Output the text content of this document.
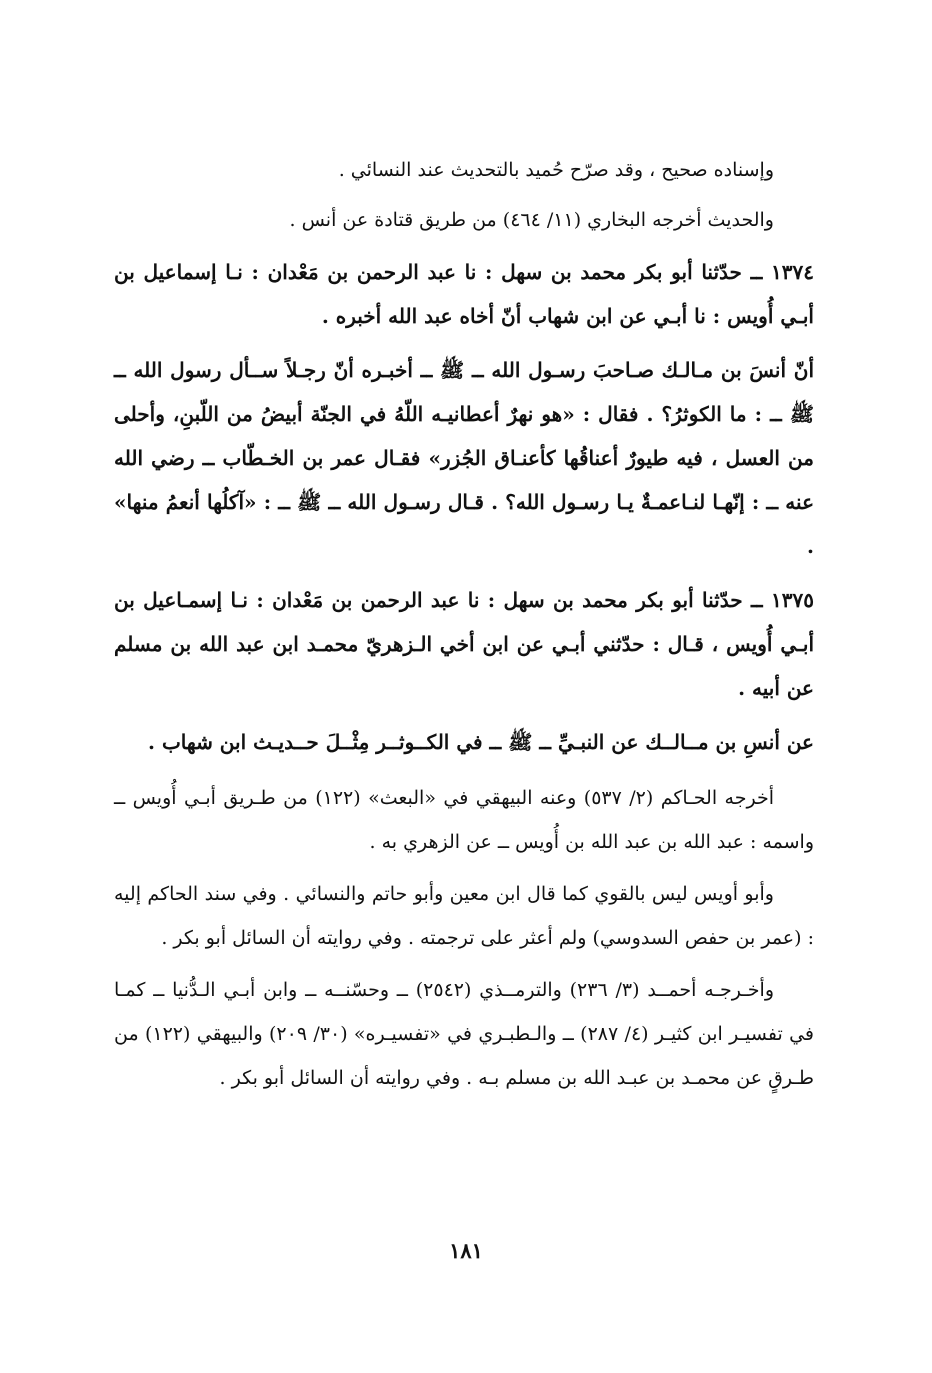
وإسناده صحيح ، وقد صرّح حُميد بالتحديث عند النسائي .

والحديث أخرجه البخاري (١١/ ٤٦٤) من طريق قتادة عن أنس .

١٣٧٤ ــ حدّثنا أبو بكر محمد بن سهل : نا عبد الرحمن بن مَعْدان : نـا إسماعيل بن أبـي أُويس : نا أبـي عن ابن شهاب أنّ أخاه عبد الله أخبره .

أنّ أنسَ بن مـالـك صـاحبَ رسـول الله ــ ﷺ ــ أخبـره أنّ رجـلاً ســأل رسول الله ــ ﷺ ــ : ما الكوثرُ؟ . فقال : «هو نهرٌ أعطانيـه اللّهُ في الجنّة أبيضُ من اللّبنِ، وأحلى من العسل ، فيه طيورٌ أعناقُها كأعنـاق الجُزر» فقـال عمر بن الخـطّاب ــ رضي الله عنه ــ : إنّهـا لنـاعمـةٌ يـا رسـول الله؟ . قـال رسـول الله ــ ﷺ ــ : «آكلُها أنعمُ منها» .

١٣٧٥ ــ حدّثنا أبو بكر محمد بن سهل : نا عبد الرحمن بن مَعْدان : نـا إسمـاعيل بن أبـي أُويس ، قـال : حدّثني أبـي عن ابن أخي الـزهريّ محمـد ابن عبد الله بن مسلم عن أبيه .

عن أنسِ بن مــالــك عن النبـيِّ ــ ﷺ ــ في الكــوثــر مِثْــلَ حــديـث ابن شهاب .

أخرجه الحـاكم (٢/ ٥٣٧) وعنه البيهقي في «البعث» (١٢٢) من طـريق أبـي أُويس ــ واسمه : عبد الله بن عبد الله بن أُويس ــ عن الزهري به .

وأبو أويس ليس بالقوي كما قال ابن معين وأبو حاتم والنسائي . وفي سند الحاكم إليه : (عمر بن حفص السدوسي) ولم أعثر على ترجمته . وفي روايته أن السائل أبو بكر .

وأخـرجـه أحمــد (٣/ ٢٣٦) والترمــذي (٢٥٤٢) ــ وحسّنــه ــ وابن أبـي الـدُّنيا ــ كمـا في تفسيـر ابن كثيـر (٤/ ٢٨٧) ــ والـطبـري في «تفسيـره» (٣٠/ ٢٠٩) والبيهقي (١٢٢) من طـرقٍ عن محمـد بن عبـد الله بن مسلم بـه . وفي روايته أن السائل أبو بكر .

١٨١
